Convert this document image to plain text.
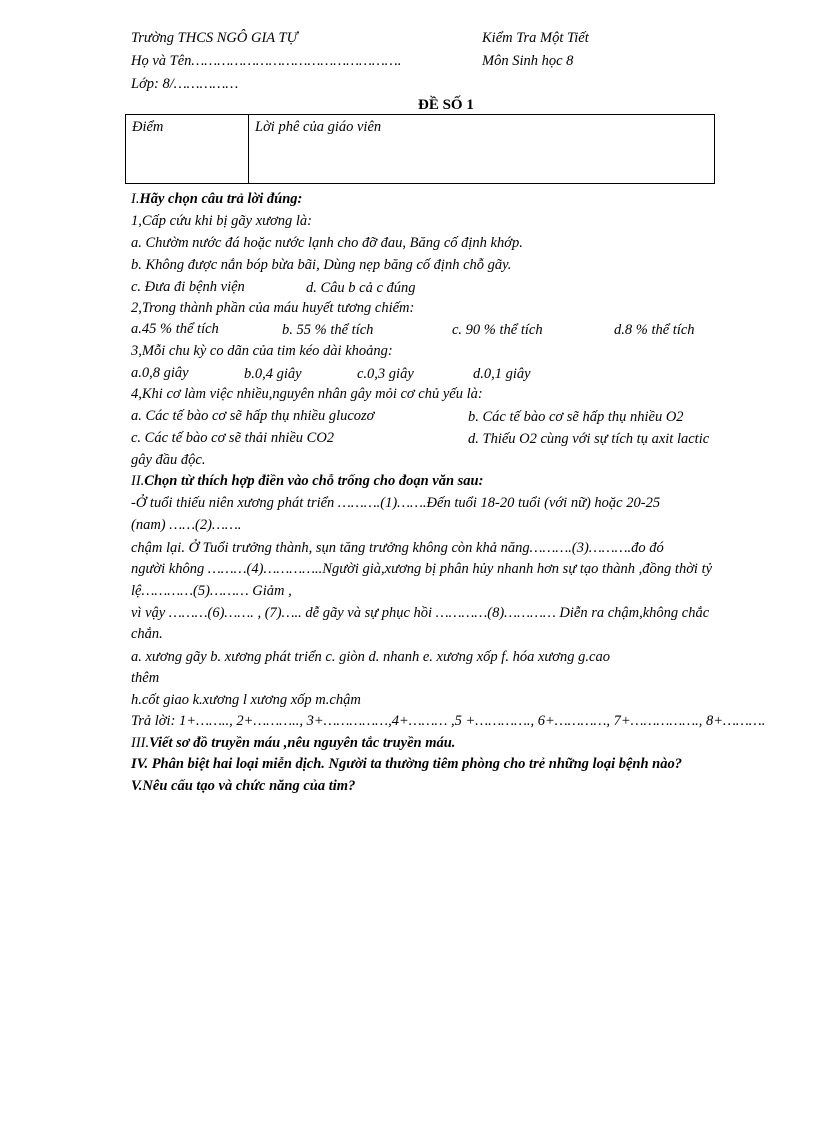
Trường THCS NGÔ GIA TỰ	Kiểm Tra Một Tiết
Họ và Tên………………………………………….	Môn Sinh học 8
Lớp: 8/……………
ĐỀ SỐ 1
Điểm	Lời phê của giáo viên
I.Hãy chọn câu trả lời đúng:
1,Cấp cứu khi bị gãy xương là:
a. Chườm nước đá hoặc nước lạnh cho đỡ đau, Băng cố định khớp.
b. Không được nắn bóp bừa bãi, Dùng nẹp băng cố định chỗ gãy.
c. Đưa đi bệnh viện	d. Câu b cả c đúng
2,Trong thành phần của máu huyết tương chiếm:
a.45 % thể tích	b. 55 % thể tích	c. 90 % thể tích	d.8 % thể tích
3,Mỗi chu kỳ co dãn của tim kéo dài khoảng:
a.0,8 giây	b.0,4 giây	c.0,3 giây	d.0,1 giây
4,Khi cơ làm việc nhiều,nguyên nhân gây mỏi cơ chủ yếu là:
a. Các tế bào cơ sẽ hấp thụ nhiều glucozơ	b. Các tế bào cơ sẽ hấp thụ nhiều O2
c. Các tế bào cơ sẽ thải nhiều CO2	d. Thiếu O2 cùng với sự tích tụ axit lactic
gây đầu độc.
II.Chọn từ thích hợp điền vào chỗ trống cho đoạn văn sau:
-Ở tuổi thiếu niên xương phát triển ……….(1)…….Đến tuổi 18-20 tuổi (với nữ) hoặc 20-25
(nam) ……(2)…….
chậm lại. Ở Tuổi trưởng thành, sụn tăng trưởng không còn khả năng……….(3)……….đo đó
người không ………(4)…………..Người già,xương bị phân hủy nhanh hơn sự tạo thành ,đồng thời tỷ
lệ…………(5)……… Giảm ,
vì vậy ………(6)……. , (7)….. dễ gãy và sự phục hồi …………(8)………… Diễn ra chậm,không chắc
chắn.
a. xương gãy b. xương phát triển c. giòn d. nhanh e. xương xốp f. hóa xương g.cao
thêm
h.cốt giao k.xương l xương xốp m.chậm
Trả lời: 1+…….., 2+……….., 3+……………,4+……… ,5 +…………., 6+…………, 7+……………., 8+……….
III.Viết sơ đồ truyền máu ,nêu nguyên tắc truyền máu.
IV. Phân biệt hai loại miễn dịch. Người ta thường tiêm phòng cho trẻ những loại bệnh nào?
V.Nêu cấu tạo và chức năng của tim?
